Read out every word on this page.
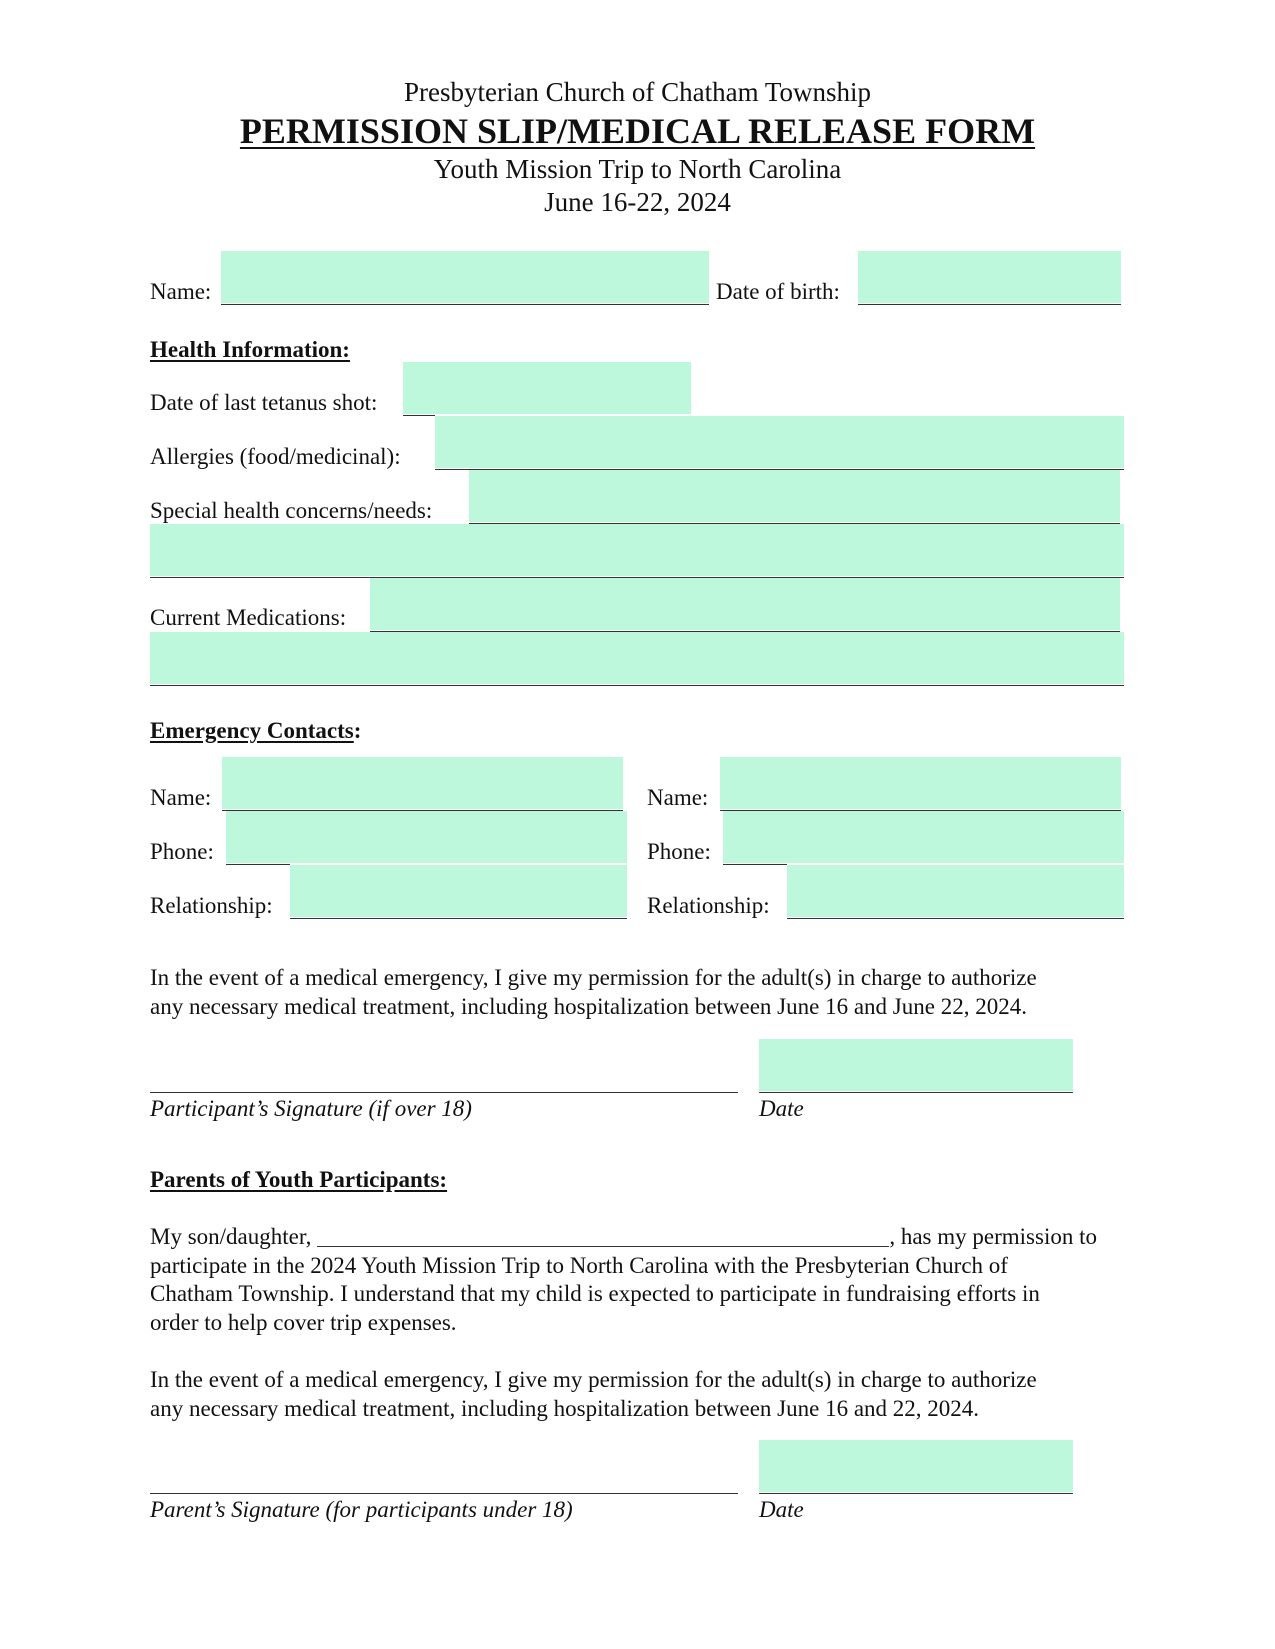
Presbyterian Church of Chatham Township
PERMISSION SLIP/MEDICAL RELEASE FORM
Youth Mission Trip to North Carolina
June 16-22, 2024
Name:	Date of birth:
Health Information:
Date of last tetanus shot:
Allergies (food/medicinal):
Special health concerns/needs:
Current Medications:
Emergency Contacts:
Name:
Phone:
Relationship:
Name:
Phone:
Relationship:
In the event of a medical emergency, I give my permission for the adult(s) in charge to authorize
any necessary medical treatment, including hospitalization between June 16 and June 22, 2024.
Participant’s Signature (if over 18)	Date
Parents of Youth Participants:
My son/daughter,	, has my permission to
participate in the 2024 Youth Mission Trip to North Carolina with the Presbyterian Church of
Chatham Township. I understand that my child is expected to participate in fundraising efforts in
order to help cover trip expenses.
In the event of a medical emergency, I give my permission for the adult(s) in charge to authorize
any necessary medical treatment, including hospitalization between June 16 and 22, 2024.
Parent’s Signature (for participants under 18)	Date
